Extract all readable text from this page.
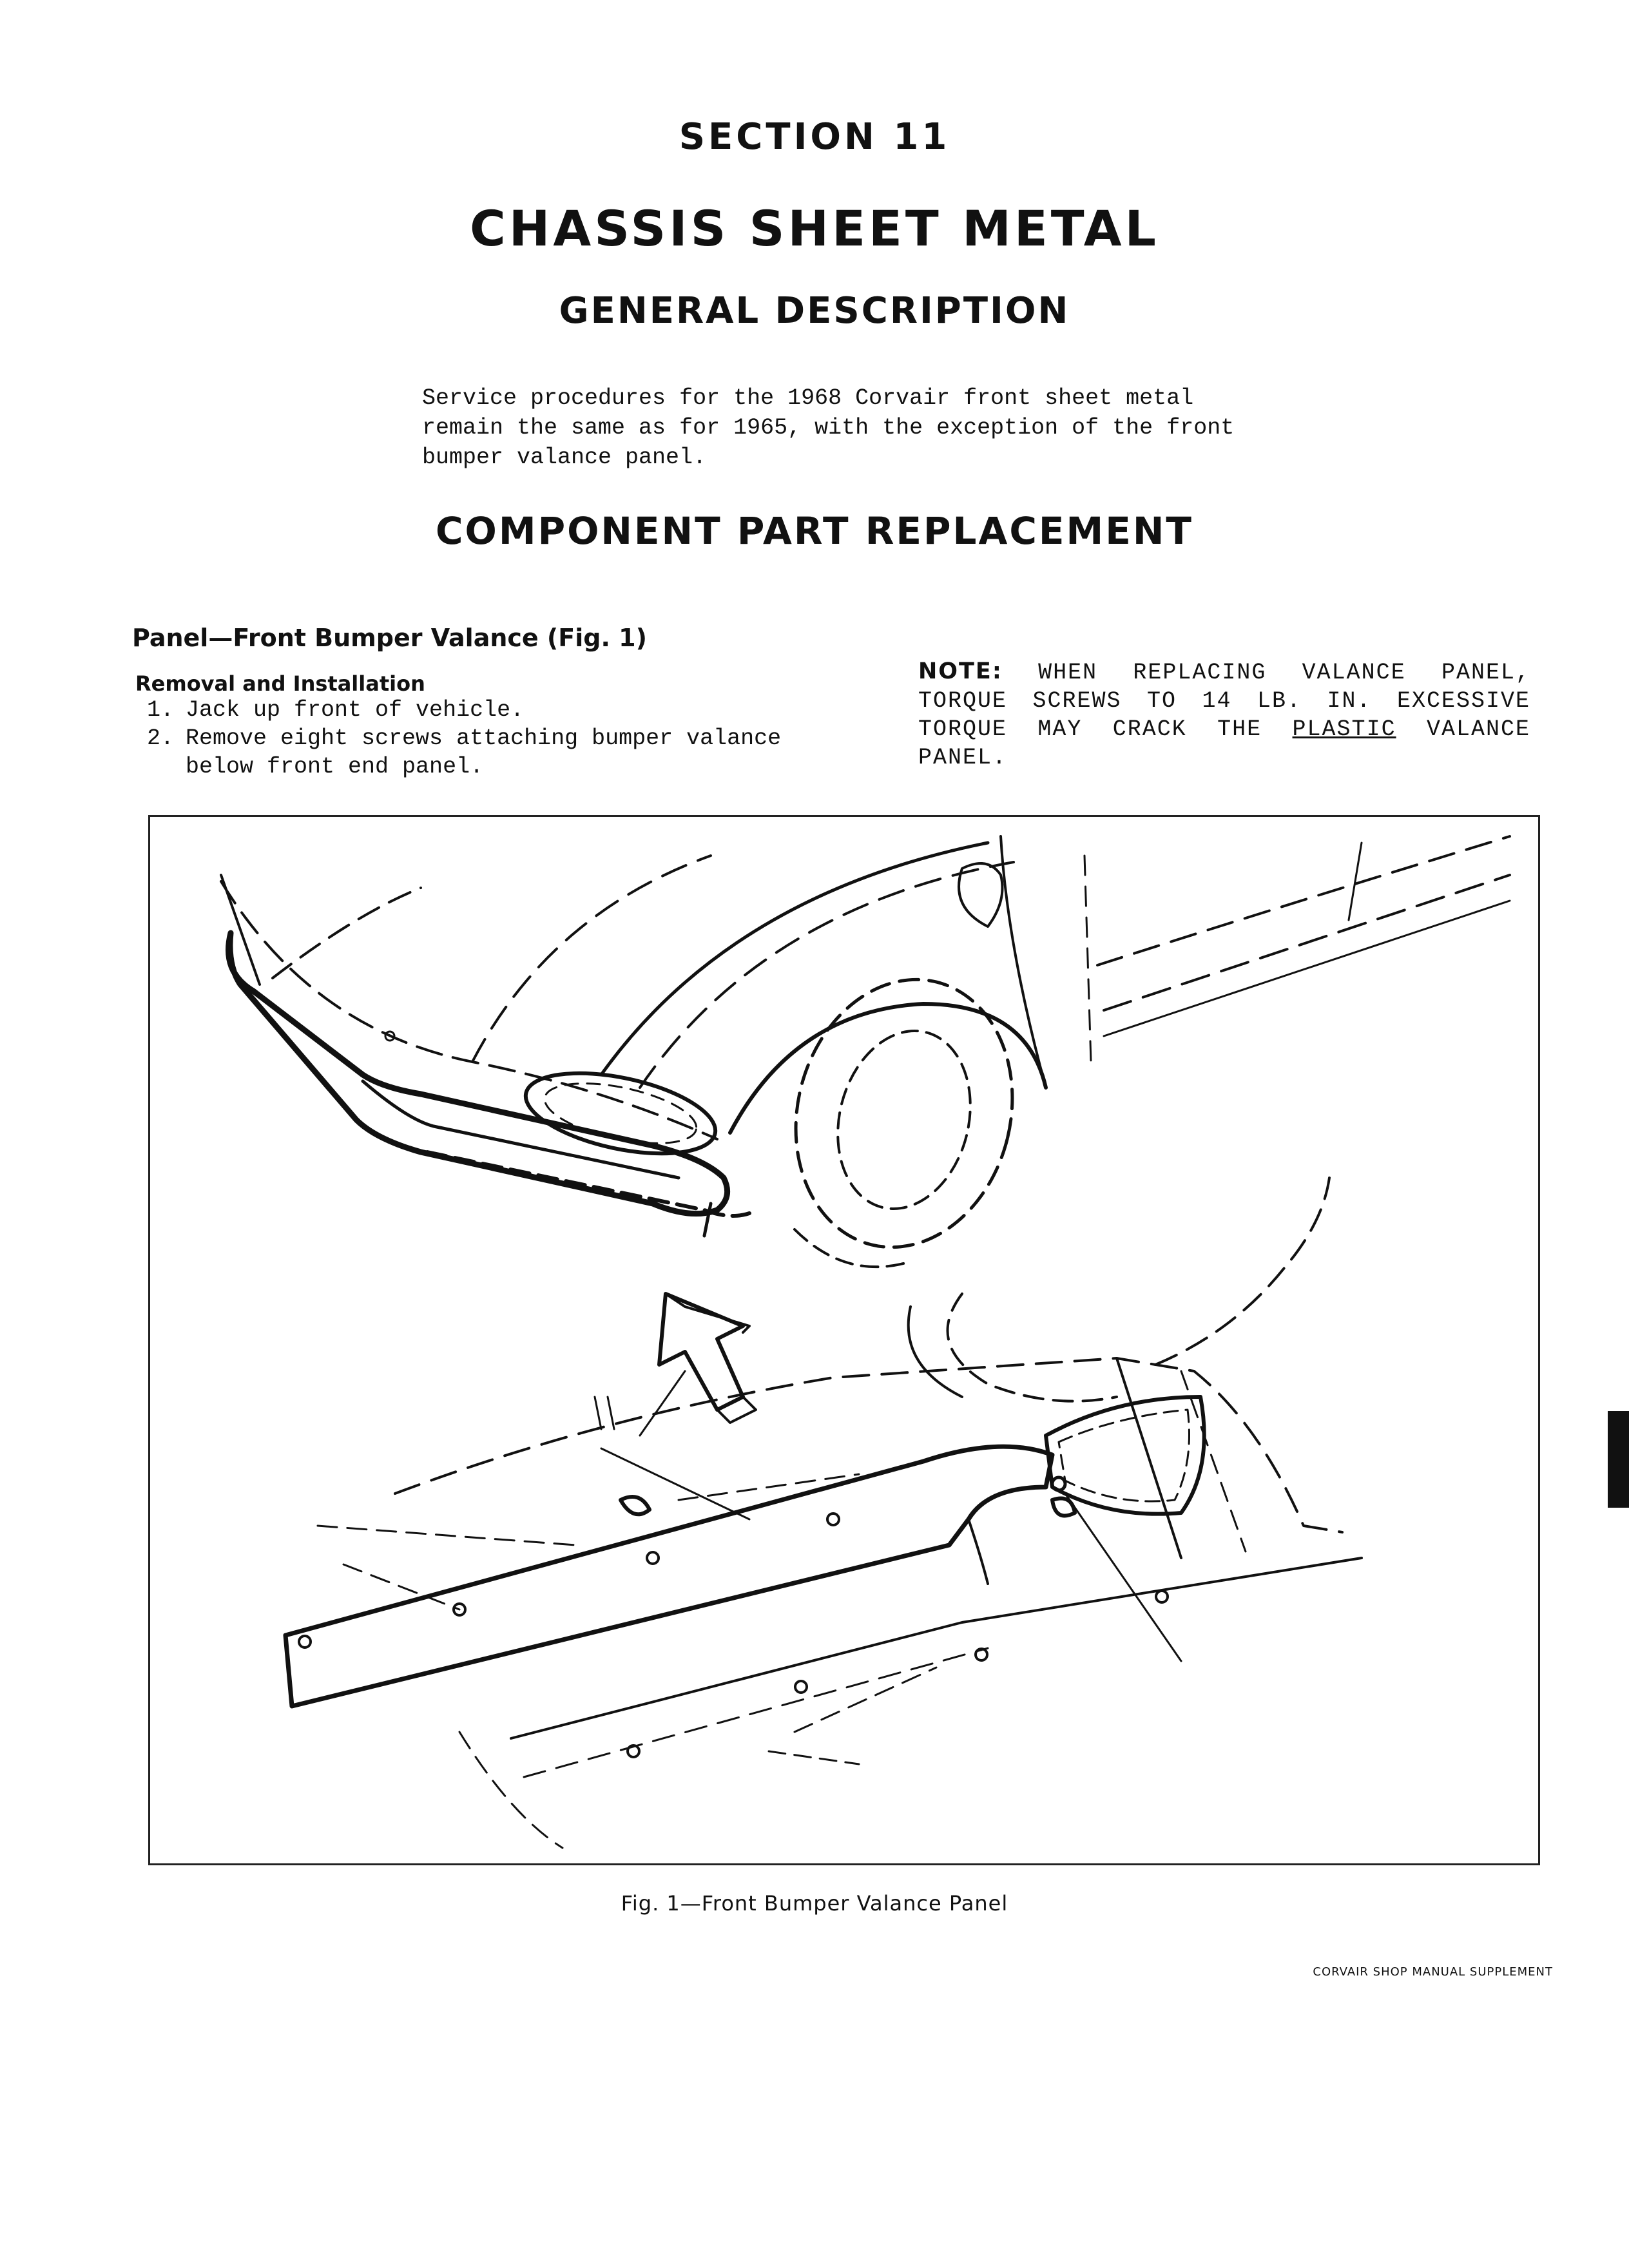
SECTION 11
CHASSIS SHEET METAL
GENERAL DESCRIPTION
Service procedures for the 1968 Corvair front sheet metal remain the same as for 1965, with the exception of the front bumper valance panel.
COMPONENT PART REPLACEMENT
Panel—Front Bumper Valance (Fig. 1)
Removal and Installation
1. Jack up front of vehicle.
2. Remove eight screws attaching bumper valance below front end panel.
NOTE: WHEN REPLACING VALANCE PANEL, TORQUE SCREWS TO 14 LB. IN. EXCESSIVE TORQUE MAY CRACK THE PLASTIC VALANCE PANEL.
Fig. 1—Front Bumper Valance Panel
CORVAIR SHOP MANUAL SUPPLEMENT
